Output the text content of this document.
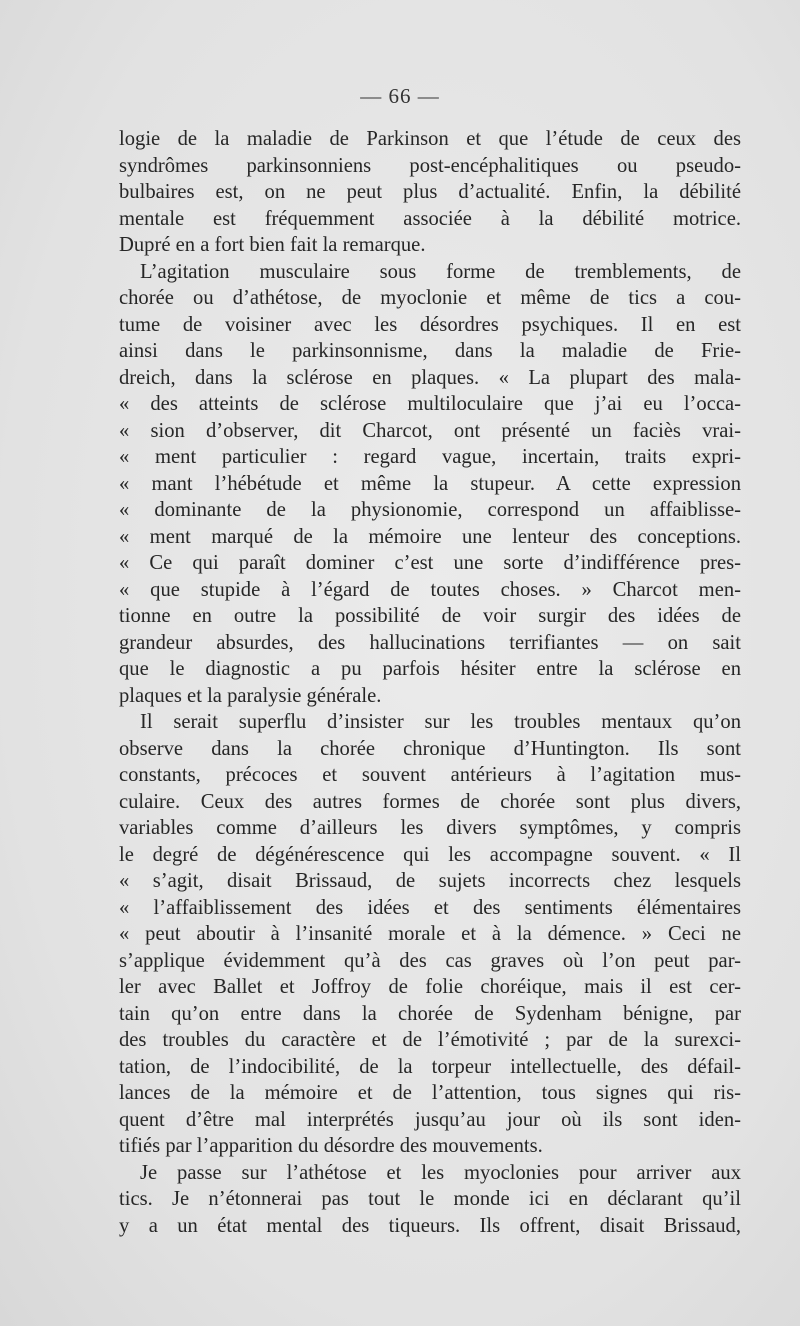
— 66 —
logie de la maladie de Parkinson et que l’étude de ceux des
syndrômes parkinsonniens post-encéphalitiques ou pseudo-
bulbaires est, on ne peut plus d’actualité. Enfin, la débilité
mentale est fréquemment associée à la débilité motrice.
Dupré en a fort bien fait la remarque.
L’agitation musculaire sous forme de tremblements, de
chorée ou d’athétose, de myoclonie et même de tics a cou-
tume de voisiner avec les désordres psychiques. Il en est
ainsi dans le parkinsonnisme, dans la maladie de Frie-
dreich, dans la sclérose en plaques. « La plupart des mala-
« des atteints de sclérose multiloculaire que j’ai eu l’occa-
« sion d’observer, dit Charcot, ont présenté un faciès vrai-
« ment particulier : regard vague, incertain, traits expri-
« mant l’hébétude et même la stupeur. A cette expression
« dominante de la physionomie, correspond un affaiblisse-
« ment marqué de la mémoire une lenteur des conceptions.
« Ce qui paraît dominer c’est une sorte d’indifférence pres-
« que stupide à l’égard de toutes choses. » Charcot men-
tionne en outre la possibilité de voir surgir des idées de
grandeur absurdes, des hallucinations terrifiantes — on sait
que le diagnostic a pu parfois hésiter entre la sclérose en
plaques et la paralysie générale.
Il serait superflu d’insister sur les troubles mentaux qu’on
observe dans la chorée chronique d’Huntington. Ils sont
constants, précoces et souvent antérieurs à l’agitation mus-
culaire. Ceux des autres formes de chorée sont plus divers,
variables comme d’ailleurs les divers symptômes, y compris
le degré de dégénérescence qui les accompagne souvent. « Il
« s’agit, disait Brissaud, de sujets incorrects chez lesquels
« l’affaiblissement des idées et des sentiments élémentaires
« peut aboutir à l’insanité morale et à la démence. » Ceci ne
s’applique évidemment qu’à des cas graves où l’on peut par-
ler avec Ballet et Joffroy de folie choréique, mais il est cer-
tain qu’on entre dans la chorée de Sydenham bénigne, par
des troubles du caractère et de l’émotivité ; par de la surexci-
tation, de l’indocibilité, de la torpeur intellectuelle, des défail-
lances de la mémoire et de l’attention, tous signes qui ris-
quent d’être mal interprétés jusqu’au jour où ils sont iden-
tifiés par l’apparition du désordre des mouvements.
Je passe sur l’athétose et les myoclonies pour arriver aux
tics. Je n’étonnerai pas tout le monde ici en déclarant qu’il
y a un état mental des tiqueurs. Ils offrent, disait Brissaud,
